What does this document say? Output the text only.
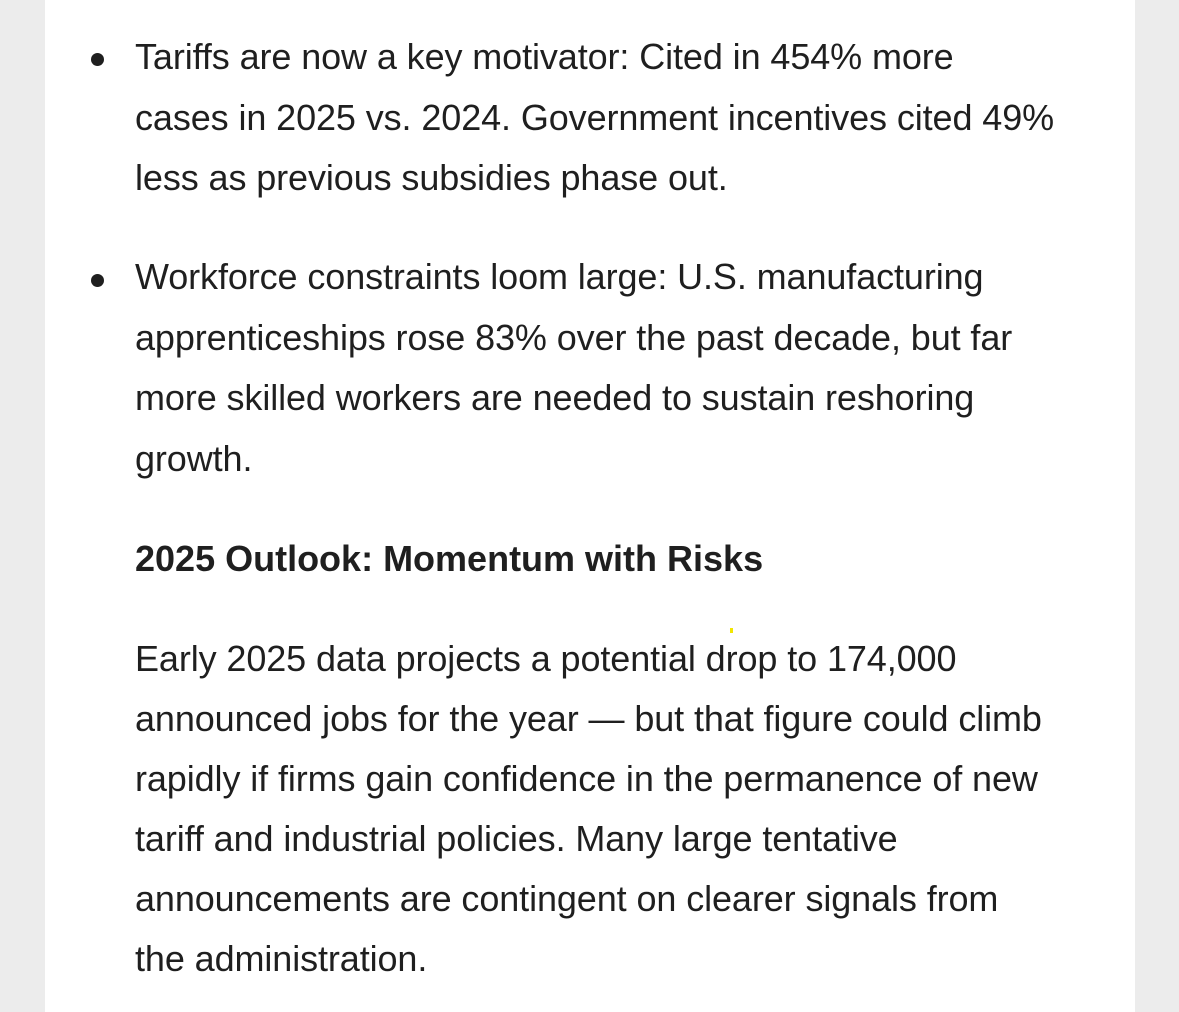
Tariffs are now a key motivator: Cited in 454% more cases in 2025 vs. 2024. Government incentives cited 49% less as previous subsidies phase out.
Workforce constraints loom large: U.S. manufacturing apprenticeships rose 83% over the past decade, but far more skilled workers are needed to sustain reshoring growth.
2025 Outlook: Momentum with Risks

Early 2025 data projects a potential drop to 174,000 announced jobs for the year — but that figure could climb rapidly if firms gain confidence in the permanence of new tariff and industrial policies. Many large tentative announcements are contingent on clearer signals from the administration.
